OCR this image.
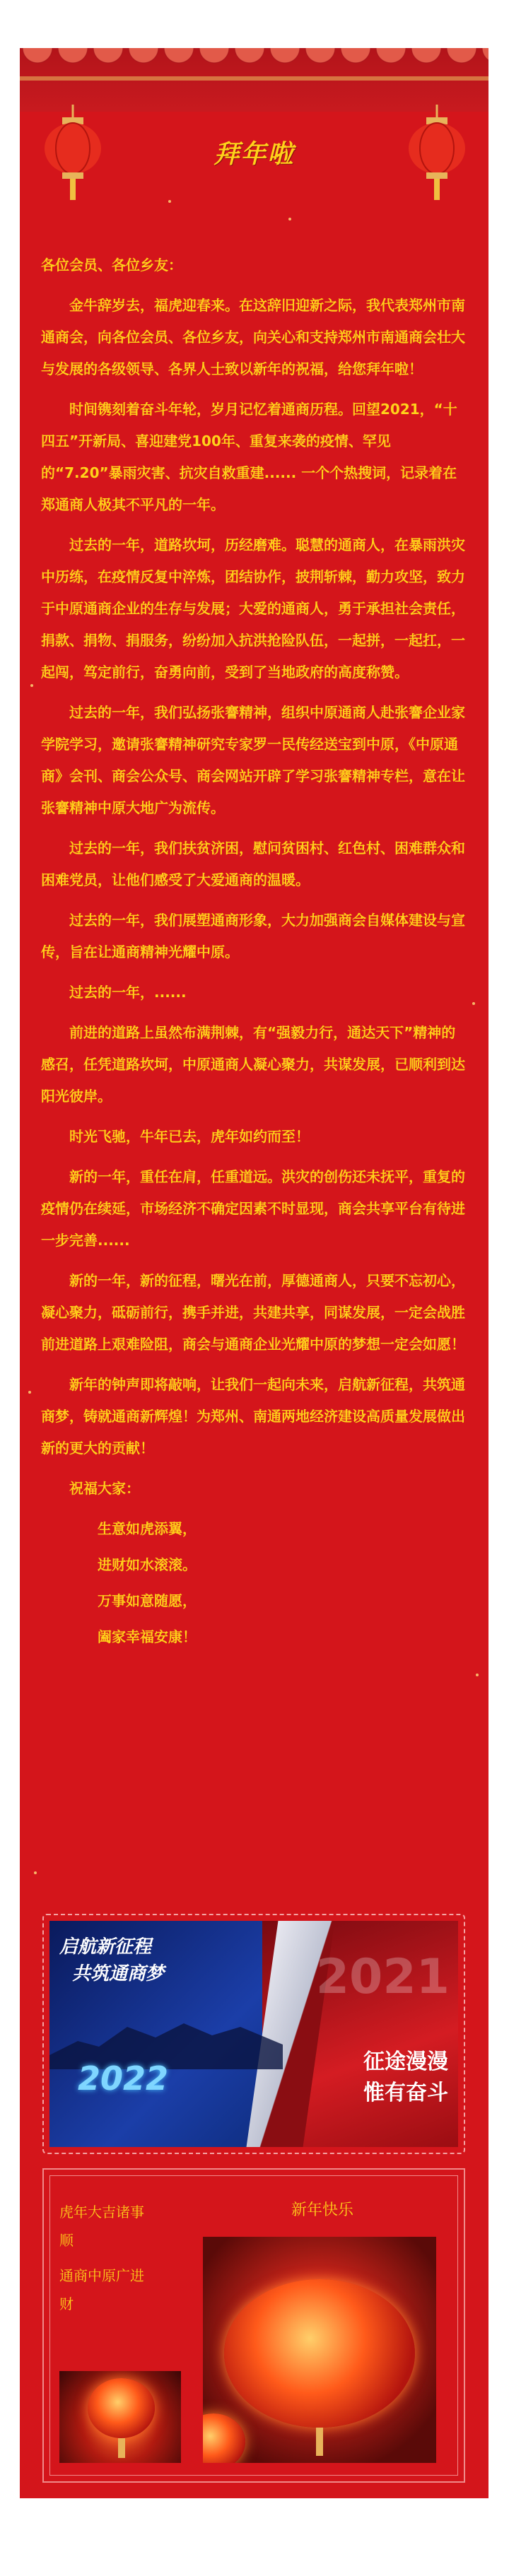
拜年啦

各位会员、各位乡友：

金牛辞岁去，福虎迎春来。在这辞旧迎新之际，我代表郑州市南通商会，向各位会员、各位乡友，向关心和支持郑州市南通商会壮大与发展的各级领导、各界人士致以新年的祝福，给您拜年啦！

时间镌刻着奋斗年轮，岁月记忆着通商历程。回望2021，“十四五”开新局、喜迎建党100年、重复来袭的疫情、罕见的“7.20”暴雨灾害、抗灾自救重建...... 一个个热搜词，记录着在郑通商人极其不平凡的一年。

过去的一年，道路坎坷，历经磨难。聪慧的通商人，在暴雨洪灾中历练，在疫情反复中淬炼，团结协作，披荆斩棘，勤力攻坚，致力于中原通商企业的生存与发展；大爱的通商人，勇于承担社会责任，捐款、捐物、捐服务，纷纷加入抗洪抢险队伍，一起拼，一起扛，一起闯，笃定前行，奋勇向前，受到了当地政府的高度称赞。

过去的一年，我们弘扬张謇精神，组织中原通商人赴张謇企业家学院学习，邀请张謇精神研究专家罗一民传经送宝到中原，《中原通商》会刊、商会公众号、商会网站开辟了学习张謇精神专栏，意在让张謇精神中原大地广为流传。

过去的一年，我们扶贫济困，慰问贫困村、红色村、困难群众和困难党员，让他们感受了大爱通商的温暖。

过去的一年，我们展塑通商形象，大力加强商会自媒体建设与宣传，旨在让通商精神光耀中原。

过去的一年，......

前进的道路上虽然布满荆棘，有“强毅力行，通达天下”精神的感召，任凭道路坎坷，中原通商人凝心聚力，共谋发展，已顺利到达阳光彼岸。

时光飞驰，牛年已去，虎年如约而至！

新的一年，重任在肩，任重道远。洪灾的创伤还未抚平，重复的疫情仍在续延，市场经济不确定因素不时显现，商会共享平台有待进一步完善......

新的一年，新的征程，曙光在前，厚德通商人，只要不忘初心，凝心聚力，砥砺前行，携手并进，共建共享，同谋发展，一定会战胜前进道路上艰难险阻，商会与通商企业光耀中原的梦想一定会如愿！

新年的钟声即将敲响，让我们一起向未来，启航新征程，共筑通商梦，铸就通商新辉煌！为郑州、南通两地经济建设高质量发展做出新的更大的贡献！

祝福大家：

生意如虎添翼，

进财如水滚滚。

万事如意随愿，

阖家幸福安康！

启航新征程
共筑通商梦
2022
2021
征途漫漫
惟有奋斗
虎年大吉诸事
顺
通商中原广进
财
新年快乐
